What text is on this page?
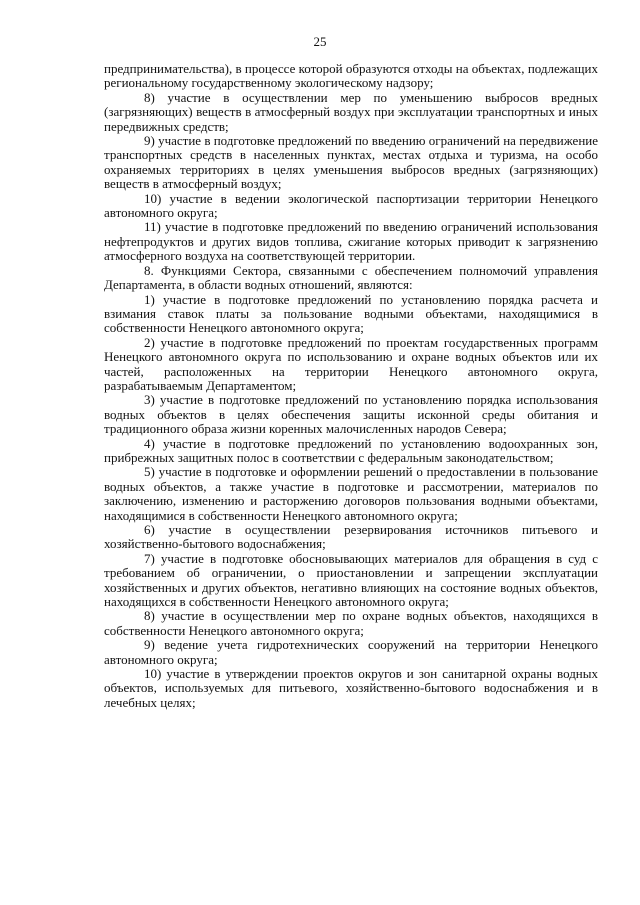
25

предпринимательства), в процессе которой образуются отходы на объектах, подлежащих региональному государственному экологическому надзору;

8) участие в осуществлении мер по уменьшению выбросов вредных (загрязняющих) веществ в атмосферный воздух при эксплуатации транспортных и иных передвижных средств;

9) участие в подготовке предложений по введению ограничений на передвижение транспортных средств в населенных пунктах, местах отдыха и туризма, на особо охраняемых территориях в целях уменьшения выбросов вредных (загрязняющих) веществ в атмосферный воздух;

10) участие в ведении экологической паспортизации территории Ненецкого автономного округа;

11) участие в подготовке предложений по введению ограничений использования нефтепродуктов и других видов топлива, сжигание которых приводит к загрязнению атмосферного воздуха на соответствующей территории.

8. Функциями Сектора, связанными с обеспечением полномочий управления Департамента, в области водных отношений, являются:

1) участие в подготовке предложений по установлению порядка расчета и взимания ставок платы за пользование водными объектами, находящимися в собственности Ненецкого автономного округа;

2) участие в подготовке предложений по проектам государственных программ Ненецкого автономного округа по использованию и охране водных объектов или их частей, расположенных на территории Ненецкого автономного округа, разрабатываемым Департаментом;

3) участие в подготовке предложений по установлению порядка использования водных объектов в целях обеспечения защиты исконной среды обитания и традиционного образа жизни коренных малочисленных народов Севера;

4) участие в подготовке предложений по установлению водоохранных зон, прибрежных защитных полос в соответствии с федеральным законодательством;

5) участие в подготовке и оформлении решений о предоставлении в пользование водных объектов, а также участие в подготовке и рассмотрении, материалов по заключению, изменению и расторжению договоров пользования водными объектами, находящимися в собственности Ненецкого автономного округа;

6) участие в осуществлении резервирования источников питьевого и хозяйственно-бытового водоснабжения;

7) участие в подготовке обосновывающих материалов для обращения в суд с требованием об ограничении, о приостановлении и запрещении эксплуатации хозяйственных и других объектов, негативно влияющих на состояние водных объектов, находящихся в собственности Ненецкого автономного округа;

8) участие в осуществлении мер по охране водных объектов, находящихся в собственности Ненецкого автономного округа;

9) ведение учета гидротехнических сооружений на территории Ненецкого автономного округа;

10) участие в утверждении проектов округов и зон санитарной охраны водных объектов, используемых для питьевого, хозяйственно-бытового водоснабжения и в лечебных целях;
